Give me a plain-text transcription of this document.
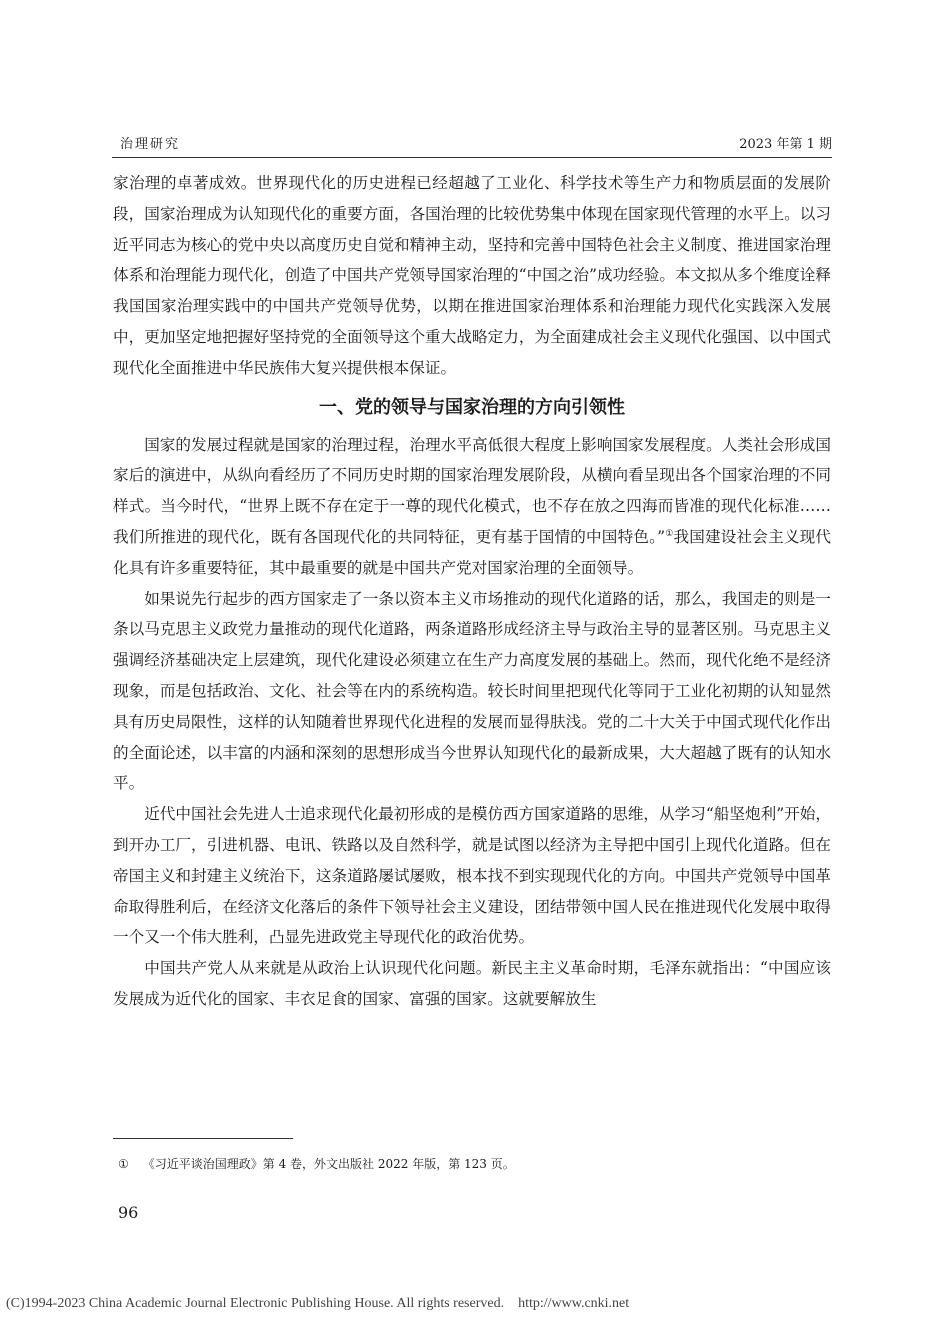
治理研究	2023 年第 1 期

家治理的卓著成效。世界现代化的历史进程已经超越了工业化、科学技术等生产力和物质层面的发展阶段，国家治理成为认知现代化的重要方面，各国治理的比较优势集中体现在国家现代管理的水平上。以习近平同志为核心的党中央以高度历史自觉和精神主动，坚持和完善中国特色社会主义制度、推进国家治理体系和治理能力现代化，创造了中国共产党领导国家治理的“中国之治”成功经验。本文拟从多个维度诠释我国国家治理实践中的中国共产党领导优势，以期在推进国家治理体系和治理能力现代化实践深入发展中，更加坚定地把握好坚持党的全面领导这个重大战略定力，为全面建成社会主义现代化强国、以中国式现代化全面推进中华民族伟大复兴提供根本保证。

一、党的领导与国家治理的方向引领性

国家的发展过程就是国家的治理过程，治理水平高低很大程度上影响国家发展程度。人类社会形成国家后的演进中，从纵向看经历了不同历史时期的国家治理发展阶段，从横向看呈现出各个国家治理的不同样式。当今时代，“世界上既不存在定于一尊的现代化模式，也不存在放之四海而皆准的现代化标准……我们所推进的现代化，既有各国现代化的共同特征，更有基于国情的中国特色。”①我国建设社会主义现代化具有许多重要特征，其中最重要的就是中国共产党对国家治理的全面领导。

如果说先行起步的西方国家走了一条以资本主义市场推动的现代化道路的话，那么，我国走的则是一条以马克思主义政党力量推动的现代化道路，两条道路形成经济主导与政治主导的显著区别。马克思主义强调经济基础决定上层建筑，现代化建设必须建立在生产力高度发展的基础上。然而，现代化绝不是经济现象，而是包括政治、文化、社会等在内的系统构造。较长时间里把现代化等同于工业化初期的认知显然具有历史局限性，这样的认知随着世界现代化进程的发展而显得肤浅。党的二十大关于中国式现代化作出的全面论述，以丰富的内涵和深刻的思想形成当今世界认知现代化的最新成果，大大超越了既有的认知水平。

近代中国社会先进人士追求现代化最初形成的是模仿西方国家道路的思维，从学习“船坚炮利”开始，到开办工厂，引进机器、电讯、铁路以及自然科学，就是试图以经济为主导把中国引上现代化道路。但在帝国主义和封建主义统治下，这条道路屡试屡败，根本找不到实现现代化的方向。中国共产党领导中国革命取得胜利后，在经济文化落后的条件下领导社会主义建设，团结带领中国人民在推进现代化发展中取得一个又一个伟大胜利，凸显先进政党主导现代化的政治优势。

中国共产党人从来就是从政治上认识现代化问题。新民主主义革命时期，毛泽东就指出：“中国应该发展成为近代化的国家、丰衣足食的国家、富强的国家。这就要解放生

① 《习近平谈治国理政》第 4 卷，外文出版社 2022 年版，第 123 页。
96
(C)1994-2023 China Academic Journal Electronic Publishing House. All rights reserved. http://www.cnki.net
